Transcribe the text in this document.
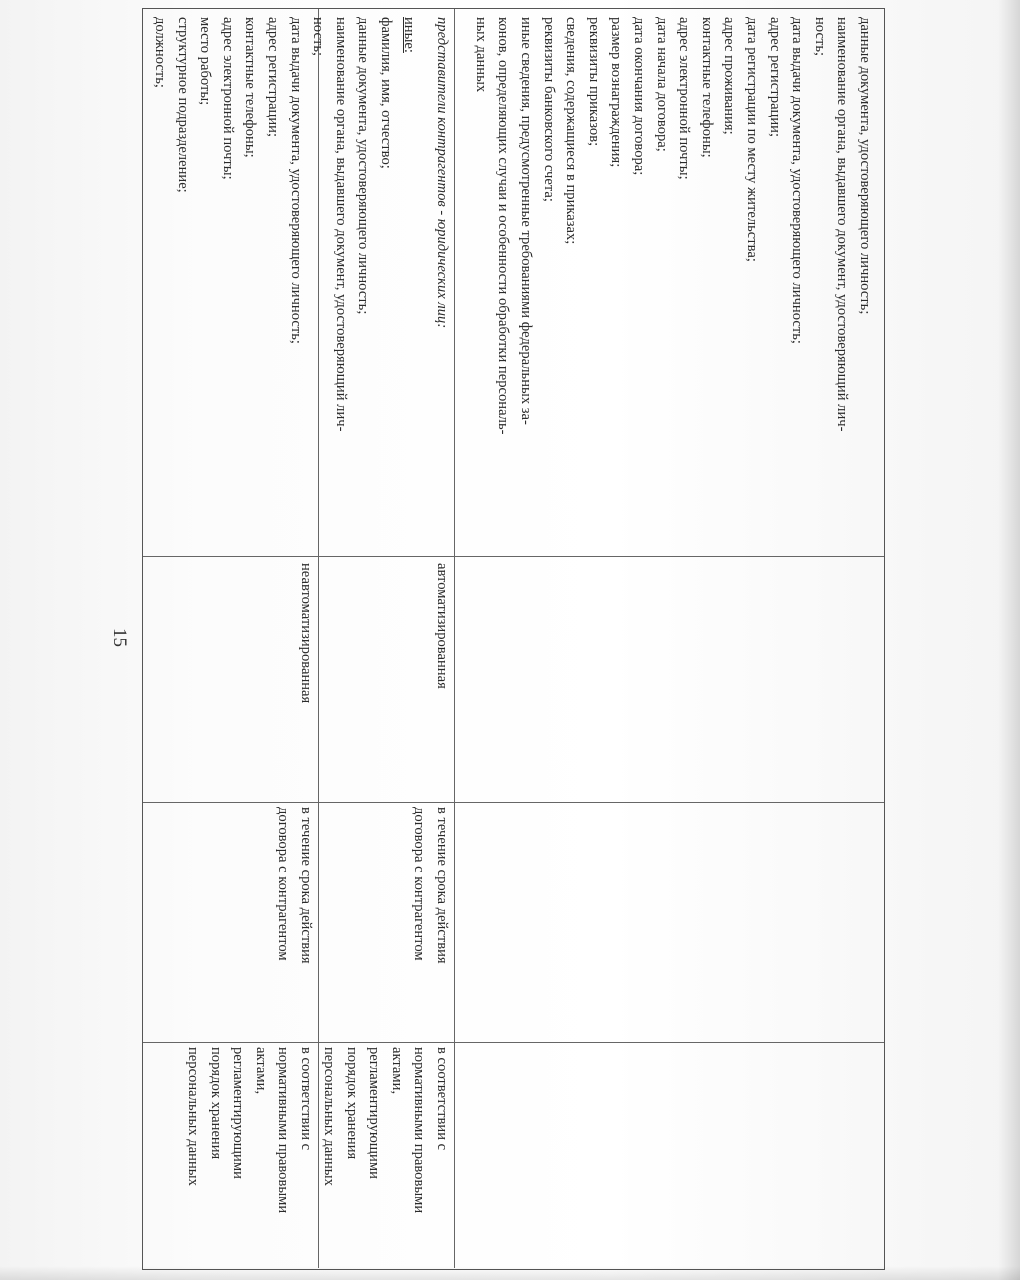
15
данные документа, удостоверяющего личность;
наименование органа, выдавшего документ, удостоверяющий лич-
ность;
дата выдачи документа, удостоверяющего личность;
адрес регистрации;
дата регистрации по месту жительства;
адрес проживания;
контактные телефоны;
адрес электронной почты;
дата начала договора;
дата окончания договора;
размер вознаграждения;
реквизиты приказов;
сведения, содержащиеся в приказах;
реквизиты банковского счета;
иные сведения, предусмотренные требованиями федеральных за-
конов, определяющих случаи и особенности обработки персональ-
ных данных
представители контрагентов - юридических лиц:
иные:
фамилия, имя, отчество;
данные документа, удостоверяющего личность;
наименование органа, выдавшего документ, удостоверяющий лич-
ность;
дата выдачи документа, удостоверяющего личность;
адрес регистрации;
контактные телефоны;
адрес электронной почты;
место работы;
структурное подразделение;
должность;
автоматизированная
в течение срока действия
договора с контрагентом
в соответствии с
нормативными правовыми
актами,
регламентирующими
порядок хранения
персональных данных
неавтоматизированная
в течение срока действия
договора с контрагентом
в соответствии с
нормативными правовыми
актами,
регламентирующими
порядок хранения
персональных данных
